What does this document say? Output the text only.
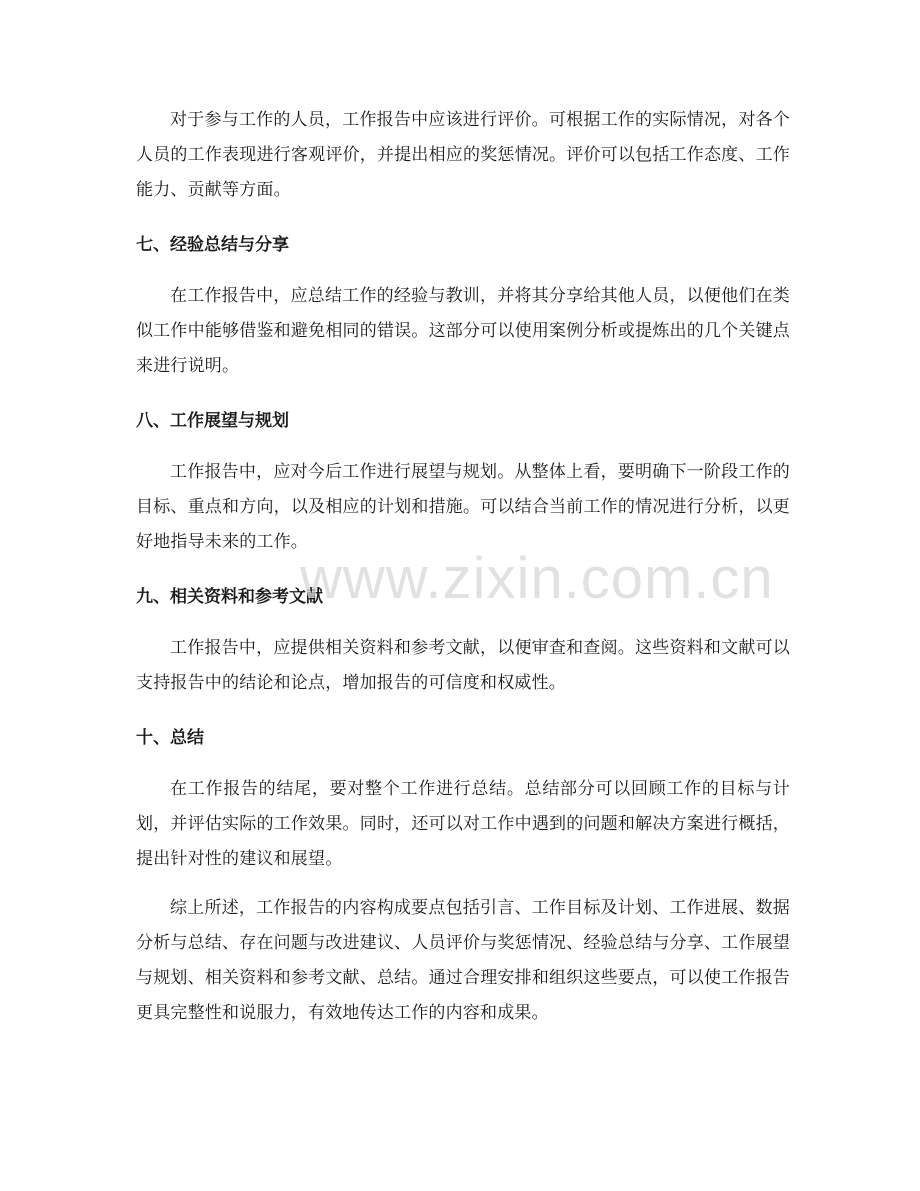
对于参与工作的人员，工作报告中应该进行评价。可根据工作的实际情况，对各个人员的工作表现进行客观评价，并提出相应的奖惩情况。评价可以包括工作态度、工作能力、贡献等方面。

七、经验总结与分享

在工作报告中，应总结工作的经验与教训，并将其分享给其他人员，以便他们在类似工作中能够借鉴和避免相同的错误。这部分可以使用案例分析或提炼出的几个关键点来进行说明。

八、工作展望与规划

工作报告中，应对今后工作进行展望与规划。从整体上看，要明确下一阶段工作的目标、重点和方向，以及相应的计划和措施。可以结合当前工作的情况进行分析，以更好地指导未来的工作。

九、相关资料和参考文献

工作报告中，应提供相关资料和参考文献，以便审查和查阅。这些资料和文献可以支持报告中的结论和论点，增加报告的可信度和权威性。

十、总结

在工作报告的结尾，要对整个工作进行总结。总结部分可以回顾工作的目标与计划，并评估实际的工作效果。同时，还可以对工作中遇到的问题和解决方案进行概括，提出针对性的建议和展望。

综上所述，工作报告的内容构成要点包括引言、工作目标及计划、工作进展、数据分析与总结、存在问题与改进建议、人员评价与奖惩情况、经验总结与分享、工作展望与规划、相关资料和参考文献、总结。通过合理安排和组织这些要点，可以使工作报告更具完整性和说服力，有效地传达工作的内容和成果。

www.zixin.com.cn
